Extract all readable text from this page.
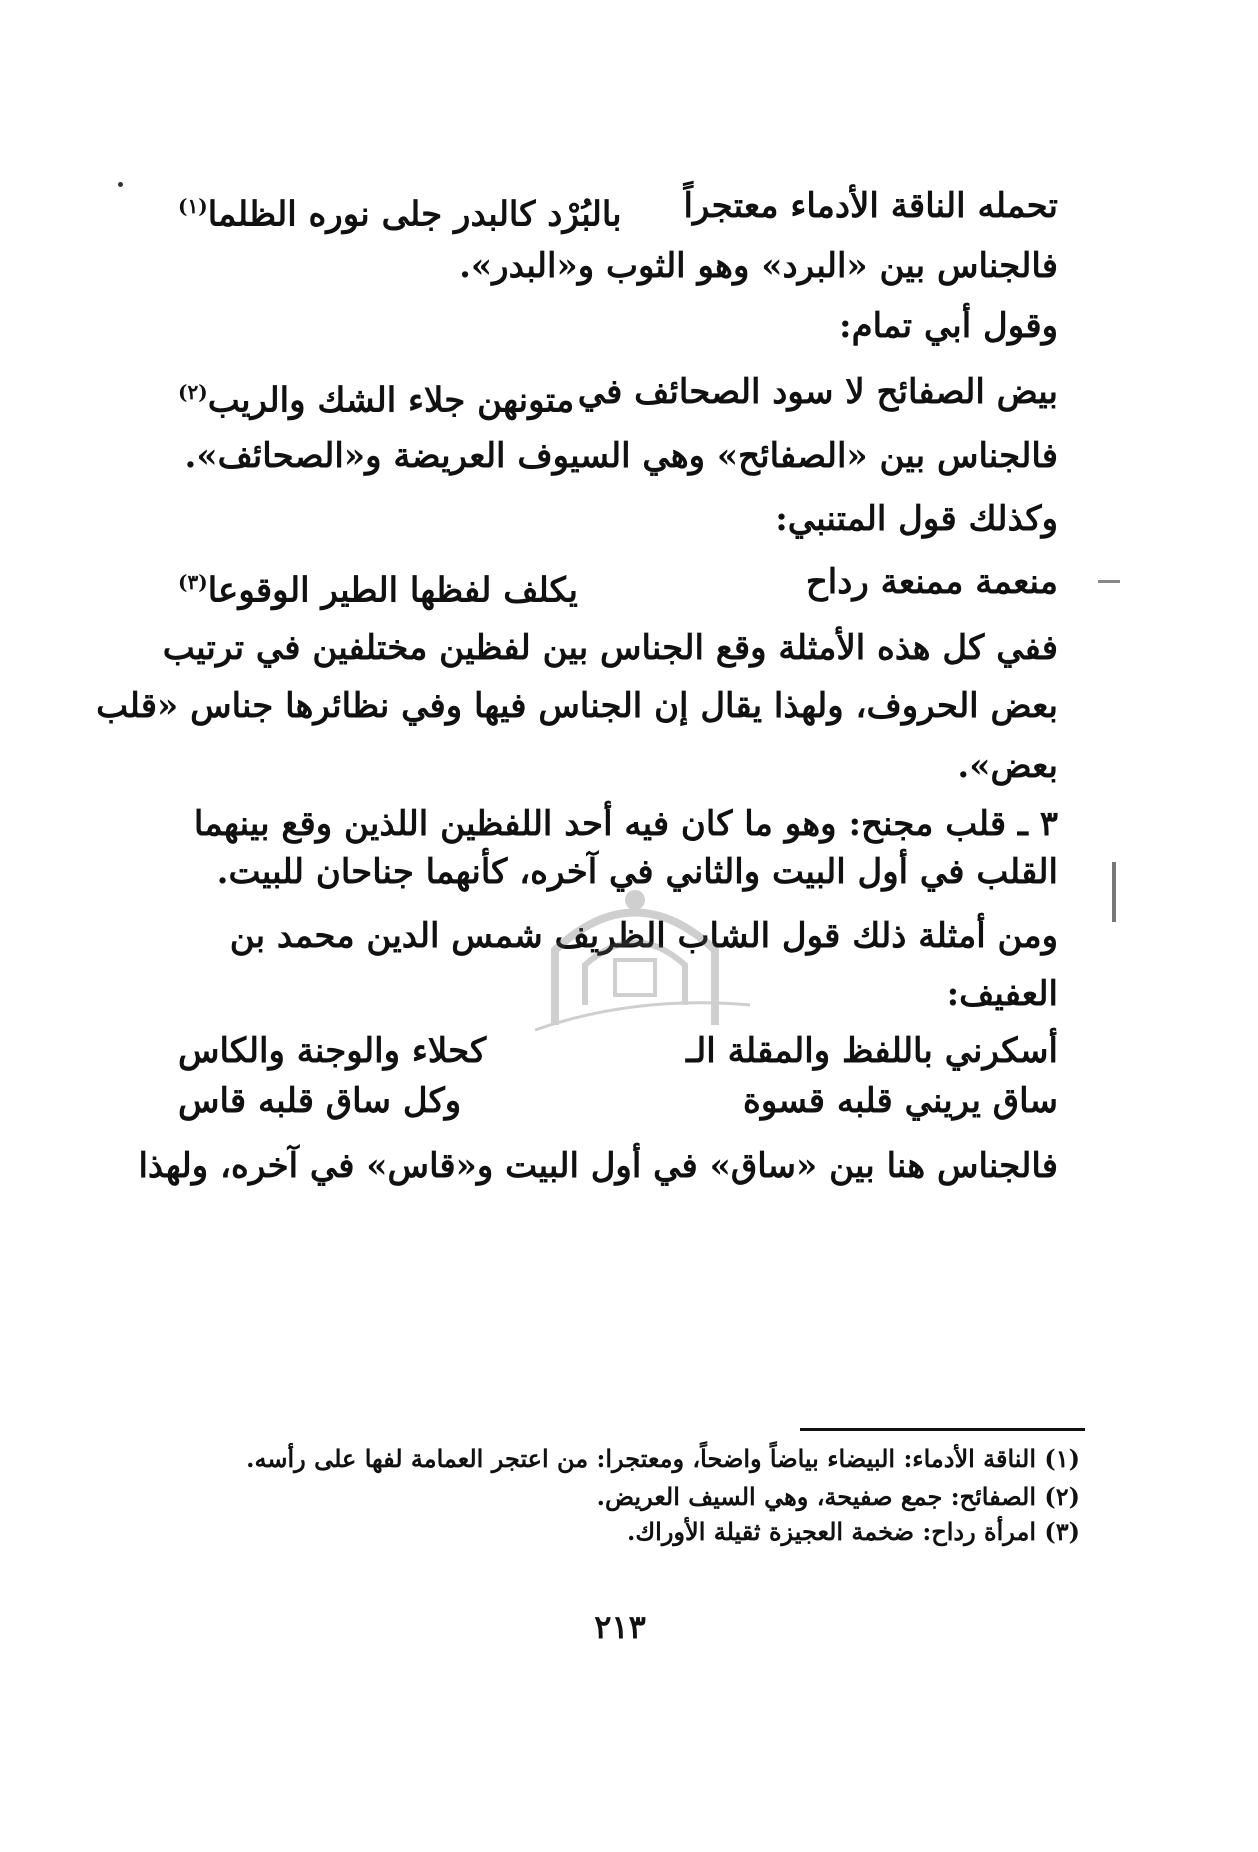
تحمله الناقة الأدماء معتجراً
بالبُرْد كالبدر جلى نوره الظلما$^{(١)}$
فالجناس بين «البرد» وهو الثوب و«البدر».
وقول أبي تمام:
بيض الصفائح لا سود الصحائف في
متونهن جلاء الشك والريب$^{(٢)}$
فالجناس بين «الصفائح» وهي السيوف العريضة و«الصحائف».
وكذلك قول المتنبي:
منعمة ممنعة رداح
يكلف لفظها الطير الوقوعا$^{(٣)}$
ففي كل هذه الأمثلة وقع الجناس بين لفظين مختلفين في ترتيب
بعض الحروف، ولهذا يقال إن الجناس فيها وفي نظائرها جناس «قلب
بعض».
٣ ـ قلب مجنح: وهو ما كان فيه أحد اللفظين اللذين وقع بينهما
القلب في أول البيت والثاني في آخره، كأنهما جناحان للبيت.
ومن أمثلة ذلك قول الشاب الظريف شمس الدين محمد بن
العفيف:
أسكرني باللفظ والمقلة الـ
كحلاء والوجنة والكاس
ساق يريني قلبه قسوة
وكل ساق قلبه قاس
فالجناس هنا بين «ساق» في أول البيت و«قاس» في آخره، ولهذا
(١) الناقة الأدماء: البيضاء بياضاً واضحاً، ومعتجرا: من اعتجر العمامة لفها على رأسه.
(٢) الصفائح: جمع صفيحة، وهي السيف العريض.
(٣) امرأة رداح: ضخمة العجيزة ثقيلة الأوراك.
٢١٣
